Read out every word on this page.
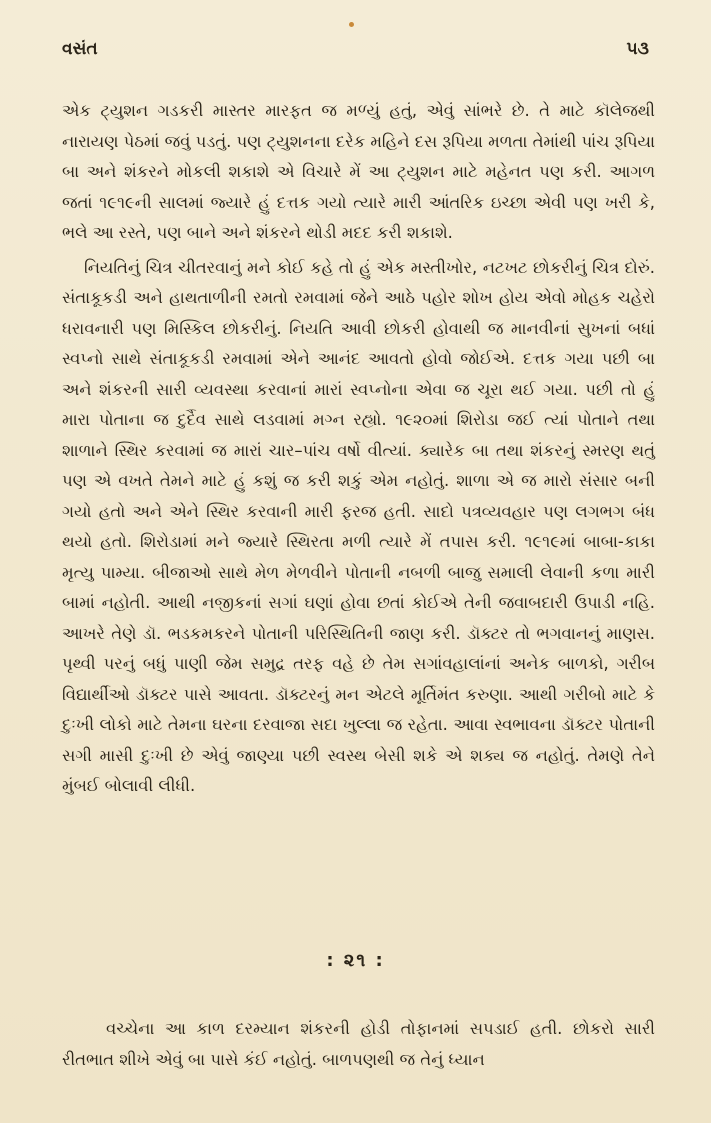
વસંત	૫૩

એક ટ્યુશન ગડકરી માસ્તર મારફત જ મળ્યું હતું, એવું સાંભરે છે. તે માટે કૉલેજથી નારાયણ પેઠમાં જવું પડતું. પણ ટ્યુશનના દરેક મહિને દસ રૂપિયા મળતા તેમાંથી પાંચ રૂપિયા બા અને શંકરને મોકલી શકાશે એ વિચારે મેં આ ટ્યુશન માટે મહેનત પણ કરી. આગળ જતાં ૧૯૧૯ની સાલમાં જ્યારે હું દત્તક ગયો ત્યારે મારી આંતરિક ઇચ્છા એવી પણ ખરી કે, ભલે આ રસ્તે, પણ બાને અને શંકરને થોડી મદદ કરી શકાશે.

નિયતિનું ચિત્ર ચીતરવાનું મને કોઈ કહે તો હું એક મસ્તીખોર, નટખટ છોકરીનું ચિત્ર દોરું. સંતાકૂકડી અને હાથતાળીની રમતો રમવામાં જેને આઠે પહોર શોખ હોય એવો મોહક ચહેરો ધરાવનારી પણ મિસ્કિલ છોકરીનું. નિયતિ આવી છોકરી હોવાથી જ માનવીનાં સુખનાં બધાં સ્વપ્નો સાથે સંતાકૂકડી રમવામાં એને આનંદ આવતો હોવો જોઈએ. દત્તક ગયા પછી બા અને શંકરની સારી વ્યવસ્થા કરવાનાં મારાં સ્વપ્નોના એવા જ ચૂરા થઈ ગયા. પછી તો હું મારા પોતાના જ દુર્દૈવ સાથે લડવામાં મગ્ન રહ્યો. ૧૯૨૦માં શિરોડા જઈ ત્યાં પોતાને તથા શાળાને સ્થિર કરવામાં જ મારાં ચાર–પાંચ વર્ષો વીત્યાં. ક્યારેક બા તથા શંકરનું સ્મરણ થતું પણ એ વખતે તેમને માટે હું કશું જ કરી શકું એમ નહોતું. શાળા એ જ મારો સંસાર બની ગયો હતો અને એને સ્થિર કરવાની મારી ફરજ હતી. સાદો પત્રવ્યવહાર પણ લગભગ બંધ થયો હતો. શિરોડામાં મને જ્યારે સ્થિરતા મળી ત્યારે મેં તપાસ કરી. ૧૯૧૯માં બાબા-કાકા મૃત્યુ પામ્યા. બીજાઓ સાથે મેળ મેળવીને પોતાની નબળી બાજુ સમાલી લેવાની કળા મારી બામાં નહોતી. આથી નજીકનાં સગાં ઘણાં હોવા છતાં કોઈએ તેની જવાબદારી ઉપાડી નહિ. આખરે તેણે ડૉ. ભડકમકરને પોતાની પરિસ્થિતિની જાણ કરી. ડૉક્ટર તો ભગવાનનું માણસ. પૃથ્વી પરનું બધું પાણી જેમ સમુદ્ર તરફ વહે છે તેમ સગાંવહાલાંનાં અનેક બાળકો, ગરીબ વિદ્યાર્થીઓ ડૉક્ટર પાસે આવતા. ડૉક્ટરનું મન એટલે મૂર્તિમંત કરુણા. આથી ગરીબો માટે કે દુઃખી લોકો માટે તેમના ઘરના દરવાજા સદા ખુલ્લા જ રહેતા. આવા સ્વભાવના ડૉક્ટર પોતાની સગી માસી દુઃખી છે એવું જાણ્યા પછી સ્વસ્થ બેસી શકે એ શક્ય જ નહોતું. તેમણે તેને મુંબઈ બોલાવી લીધી.

: ૨૧ :

વચ્ચેના આ કાળ દરમ્યાન શંકરની હોડી તોફાનમાં સપડાઈ હતી. છોકરો સારી રીતભાત શીખે એવું બા પાસે કંઈ નહોતું. બાળપણથી જ તેનું ધ્યાન
